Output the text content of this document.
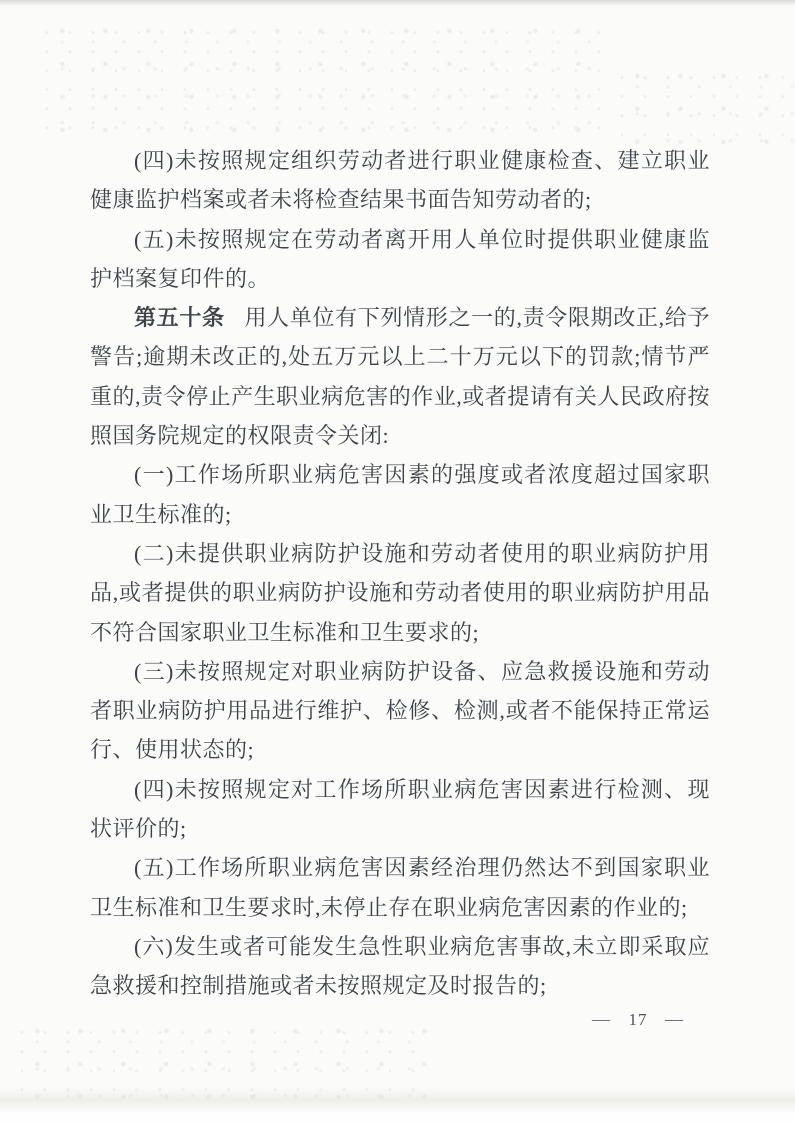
(四)未按照规定组织劳动者进行职业健康检查、建立职业健康监护档案或者未将检查结果书面告知劳动者的;

(五)未按照规定在劳动者离开用人单位时提供职业健康监护档案复印件的。

第五十条 用人单位有下列情形之一的,责令限期改正,给予警告;逾期未改正的,处五万元以上二十万元以下的罚款;情节严重的,责令停止产生职业病危害的作业,或者提请有关人民政府按照国务院规定的权限责令关闭:

(一)工作场所职业病危害因素的强度或者浓度超过国家职业卫生标准的;

(二)未提供职业病防护设施和劳动者使用的职业病防护用品,或者提供的职业病防护设施和劳动者使用的职业病防护用品不符合国家职业卫生标准和卫生要求的;

(三)未按照规定对职业病防护设备、应急救援设施和劳动者职业病防护用品进行维护、检修、检测,或者不能保持正常运行、使用状态的;

(四)未按照规定对工作场所职业病危害因素进行检测、现状评价的;

(五)工作场所职业病危害因素经治理仍然达不到国家职业卫生标准和卫生要求时,未停止存在职业病危害因素的作业的;

(六)发生或者可能发生急性职业病危害事故,未立即采取应急救援和控制措施或者未按照规定及时报告的;

— 17 —
